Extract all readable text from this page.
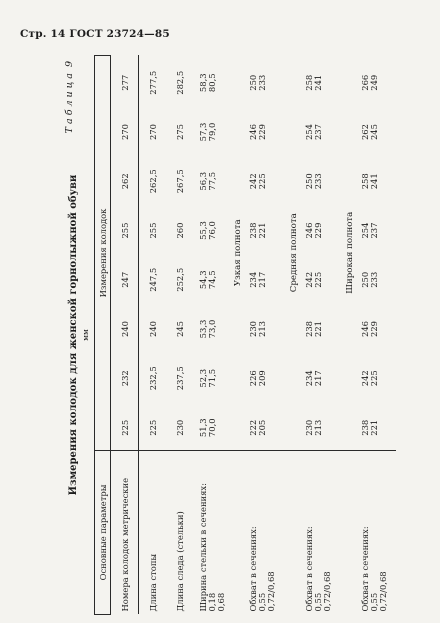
Стр. 14 ГОСТ 23724—85
Таблица9
Измерения колодок для женской горнолыжной обуви мм
Основные параметры	Измерения колодок							
Номера колодок метрические	225	232	240	247	255	262	270	277
Длина стопы	225	232,5	240	247,5	255	262,5	270	277,5
Длина следа (стельки)	230	237,5	245	252,5	260	267,5	275	282,5

Ширина стельки в сечениях: 0,18 0,68	51,3 70,0	52,3 71,5	53,3 73,0	54,3 74,5	55,3 76,0	56,3 77,5	57,3 79,0	58,3 80,5

	Узкая полнота							

Обхват в сечениях: 0,55 0,72/0,68	222 205	226 209	230 213	234 217	238 221	242 225	246 229	250 233

	Средняя полнота							

Обхват в сечениях: 0,55 0,72/0,68	230 213	234 217	238 221	242 225	246 229	250 233	254 237	258 241

	Широкая полнота							

Обхват в сечениях: 0,55 0,72/0,68	238 221	242 225	246 229	250 233	254 237	258 241	262 245	266 249
